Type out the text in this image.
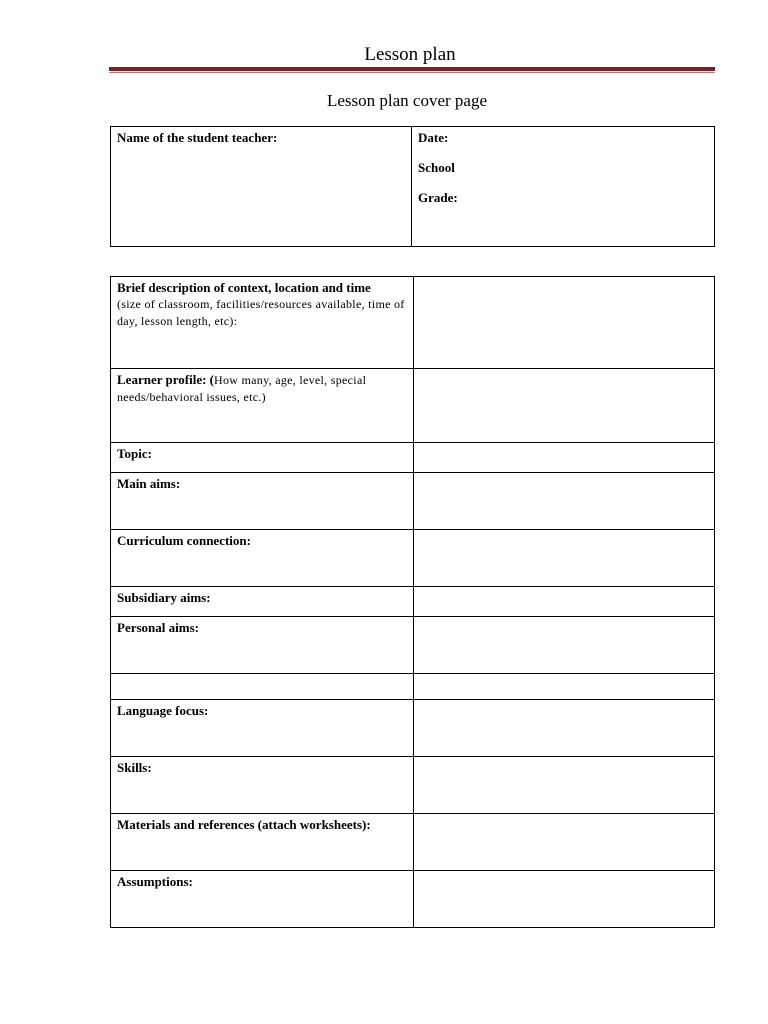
Lesson plan
Lesson plan cover page
Name of the student teacher:	Date:
School
Grade:
Brief description of context, location and time
(size of classroom, facilities/resources available, time of day, lesson length, etc):	

Learner profile: (How many, age, level, special needs/behavioral issues, etc.)	

Topic:	

Main aims:	

Curriculum connection:	

Subsidiary aims:	

Personal aims:	

Language focus:	

Skills:	

Materials and references (attach worksheets):	

Assumptions:	
